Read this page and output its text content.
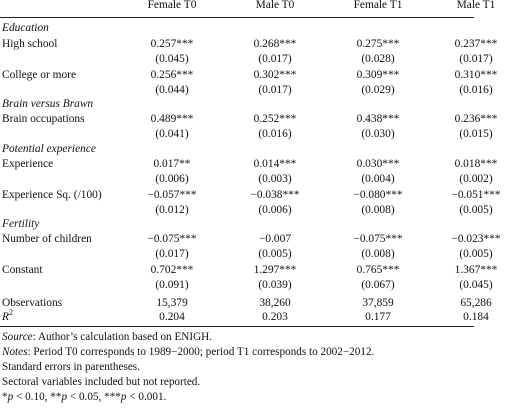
Female T0	Male T0	Female T1	Male T1
Education
High school	0.257***	0.268***	0.275***	0.237***
(0.045)	(0.017)	(0.028)	(0.017)
College or more	0.256***	0.302***	0.309***	0.310***
(0.044)	(0.017)	(0.029)	(0.016)
Brain versus Brawn
Brain occupations	0.489***	0.252***	0.438***	0.236***
(0.041)	(0.016)	(0.030)	(0.015)
Potential experience
Experience	0.017**	0.014***	0.030***	0.018***
(0.006)	(0.003)	(0.004)	(0.002)
Experience Sq. (/100)	−0.057***	−0.038***	−0.080***	−0.051***
(0.012)	(0.006)	(0.008)	(0.005)
Fertility
Number of children	−0.075***	−0.007	−0.075***	−0.023***
(0.017)	(0.005)	(0.008)	(0.005)
Constant	0.702***	1.297***	0.765***	1.367***
(0.091)	(0.039)	(0.067)	(0.045)
Observations	15,379	38,260	37,859	65,286
$R^2$	0.204	0.203	0.177	0.184
Source: Author’s calculation based on ENIGH.
Notes: Period T0 corresponds to 1989−2000; period T1 corresponds to 2002−2012.
Standard errors in parentheses.
Sectoral variables included but not reported.
*p < 0.10, **p < 0.05, ***p < 0.001.
